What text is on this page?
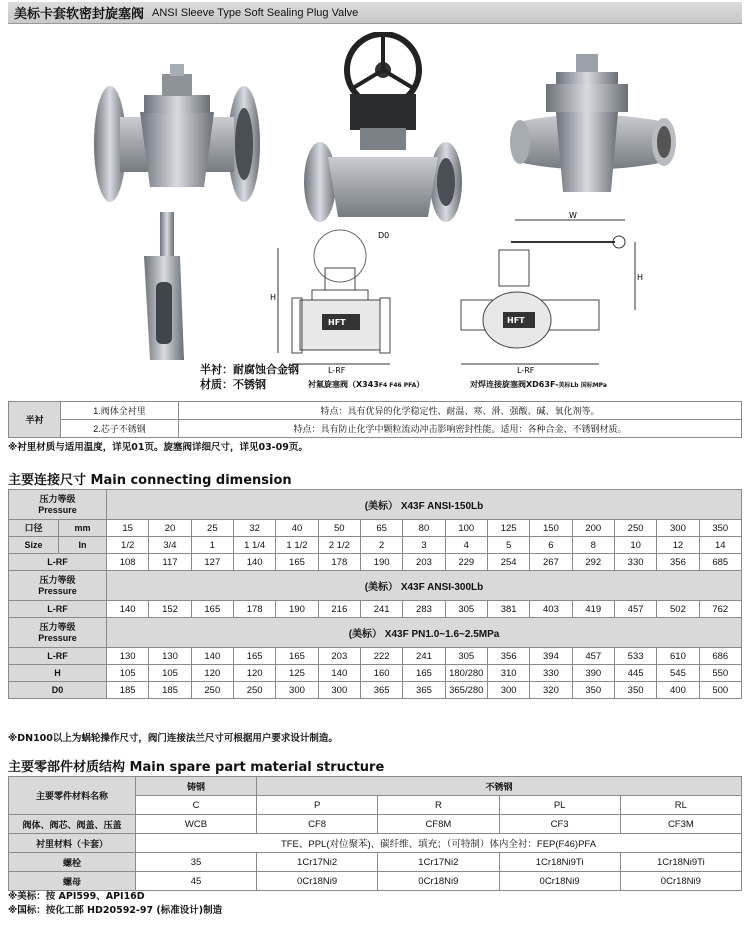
美标卡套软密封旋塞阀 ANSI Sleeve Type Soft Sealing Plug Valve
半衬：耐腐蚀合金钢
材质：不锈钢
HFT
H
D0
L-RF
衬氟旋塞阀（X343F4 F46 PFA）
HFT
W
H
L-RF
对焊连接旋塞阀XD63F-美标Lb 国标MPa
半衬	1.阀体全衬里	特点：具有优异的化学稳定性、耐温、寒、滑、强酸、碱、氧化剂等。
	2.芯子不锈钢	特点：具有防止化学中颗粒流动冲击影响密封性能。适用：各种合金、不锈钢材质。
※衬里材质与适用温度，详见01页。旋塞阀详细尺寸，详见03-09页。
主要连接尺寸 Main connecting dimension
压力等级
Pressure		(美标） X43F ANSI-150Lb														
口径	mm	15	20	25	32	40	50	65	80	100	125	150	200	250	300	350
Size	In	1/2	3/4	1	1 1/4	1 1/2	2 1/2	2	3	4	5	6	8	10	12	14
L-RF		108	117	127	140	165	178	190	203	229	254	267	292	330	356	685

压力等级
Pressure		(美标） X43F ANSI-300Lb														
L-RF		140	152	165	178	190	216	241	283	305	381	403	419	457	502	762

压力等级
Pressure		(美标） X43F PN1.0~1.6~2.5MPa														
L-RF		130	130	140	165	165	203	222	241	305	356	394	457	533	610	686
H		105	105	120	120	125	140	160	165	180/280	310	330	390	445	545	550
D0		185	185	250	250	300	300	365	365	365/280	300	320	350	350	400	500
※DN100以上为蜗轮操作尺寸，阀门连接法兰尺寸可根据用户要求设计制造。
主要零部件材质结构 Main spare part material structure
主要零件材料名称	铸钢	不锈钢			
	C	P	R	PL	RL
阀体、阀芯、阀盖、压盖	WCB	CF8	CF8M	CF3	CF3M
衬里材料（卡套）	TFE、PPL(对位聚苯)、碳纤维、填充；（可特制）体内全衬：FEP(F46)PFA				
螺栓	35	1Cr17Ni2	1Cr17Ni2	1Cr18Ni9Ti	1Cr18Ni9Ti
螺母	45	0Cr18Ni9	0Cr18Ni9	0Cr18Ni9	0Cr18Ni9
※美标：按 API599、API16D
※国标：按化工部 HD20592-97 (标准设计)制造
